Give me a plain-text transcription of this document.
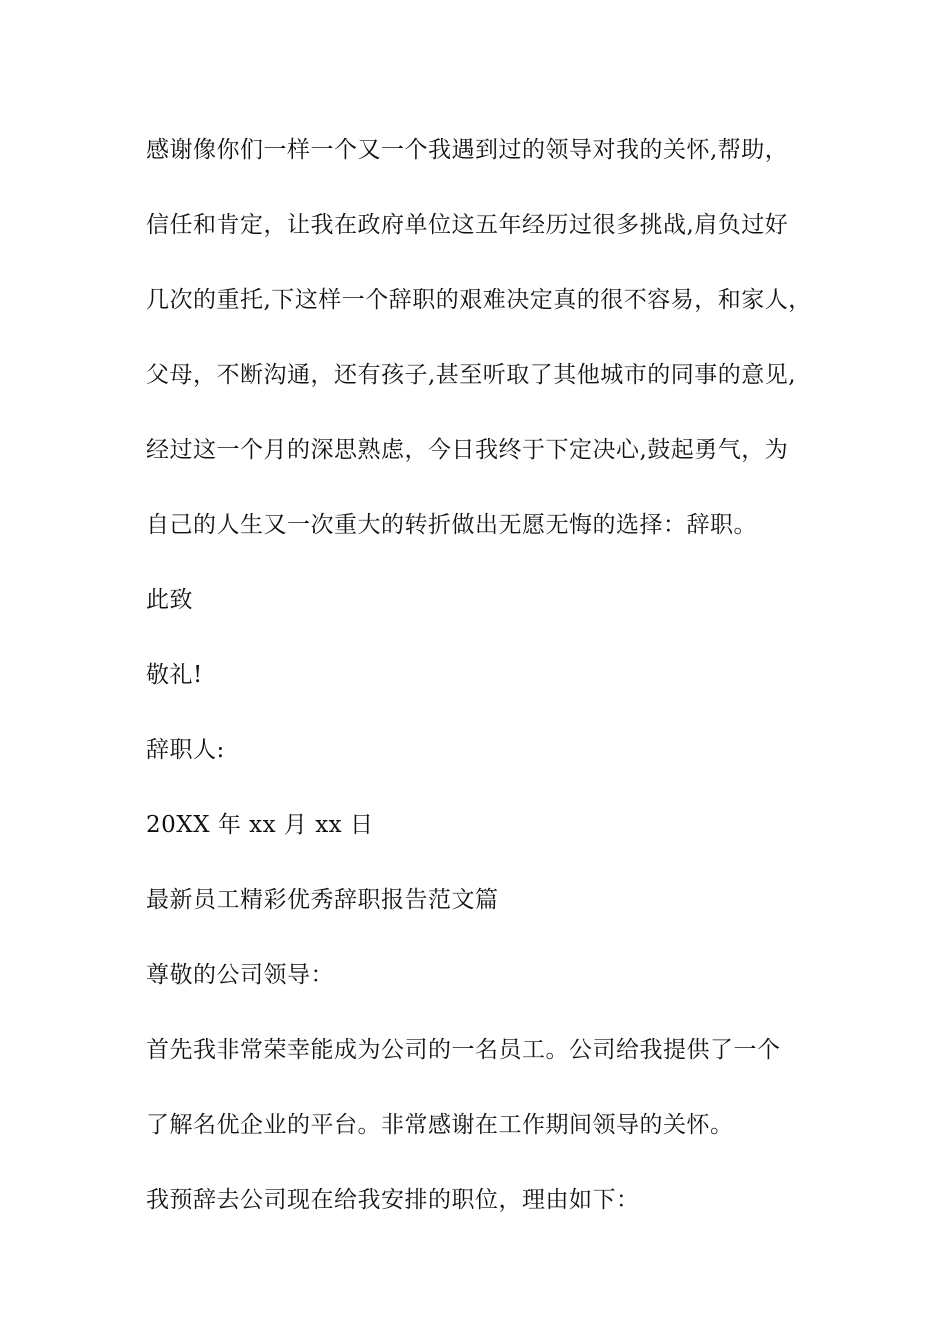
感谢像你们一样一个又一个我遇到过的领导对我的关怀,帮助，
信任和肯定，让我在政府单位这五年经历过很多挑战,肩负过好
几次的重托,下这样一个辞职的艰难决定真的很不容易，和家人，
父母，不断沟通，还有孩子,甚至听取了其他城市的同事的意见,
经过这一个月的深思熟虑，今日我终于下定决心,鼓起勇气，为
自己的人生又一次重大的转折做出无愿无悔的选择：辞职。
此致
敬礼!
辞职人:
20XX 年 xx 月 xx 日
最新员工精彩优秀辞职报告范文篇
尊敬的公司领导：
首先我非常荣幸能成为公司的一名员工。公司给我提供了一个
了解名优企业的平台。非常感谢在工作期间领导的关怀。
我预辞去公司现在给我安排的职位，理由如下：
